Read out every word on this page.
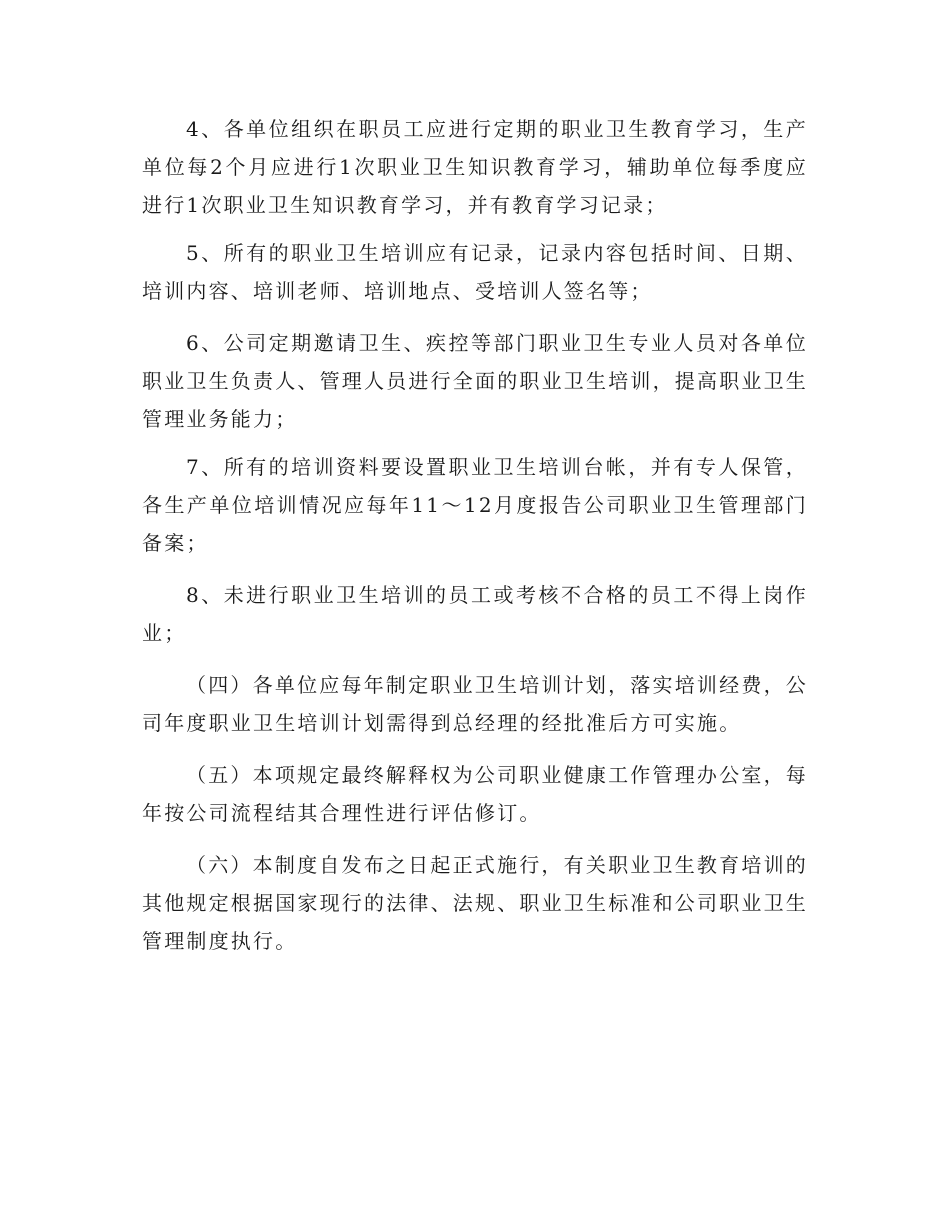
4、各单位组织在职员工应进行定期的职业卫生教育学习，生产单位每2个月应进行1次职业卫生知识教育学习，辅助单位每季度应进行1次职业卫生知识教育学习，并有教育学习记录；

5、所有的职业卫生培训应有记录，记录内容包括时间、日期、培训内容、培训老师、培训地点、受培训人签名等；

6、公司定期邀请卫生、疾控等部门职业卫生专业人员对各单位职业卫生负责人、管理人员进行全面的职业卫生培训，提高职业卫生管理业务能力；

7、所有的培训资料要设置职业卫生培训台帐，并有专人保管，各生产单位培训情况应每年11～12月度报告公司职业卫生管理部门备案；

8、未进行职业卫生培训的员工或考核不合格的员工不得上岗作业；

（四）各单位应每年制定职业卫生培训计划，落实培训经费，公司年度职业卫生培训计划需得到总经理的经批准后方可实施。

（五）本项规定最终解释权为公司职业健康工作管理办公室，每年按公司流程结其合理性进行评估修订。

（六）本制度自发布之日起正式施行，有关职业卫生教育培训的其他规定根据国家现行的法律、法规、职业卫生标准和公司职业卫生管理制度执行。
